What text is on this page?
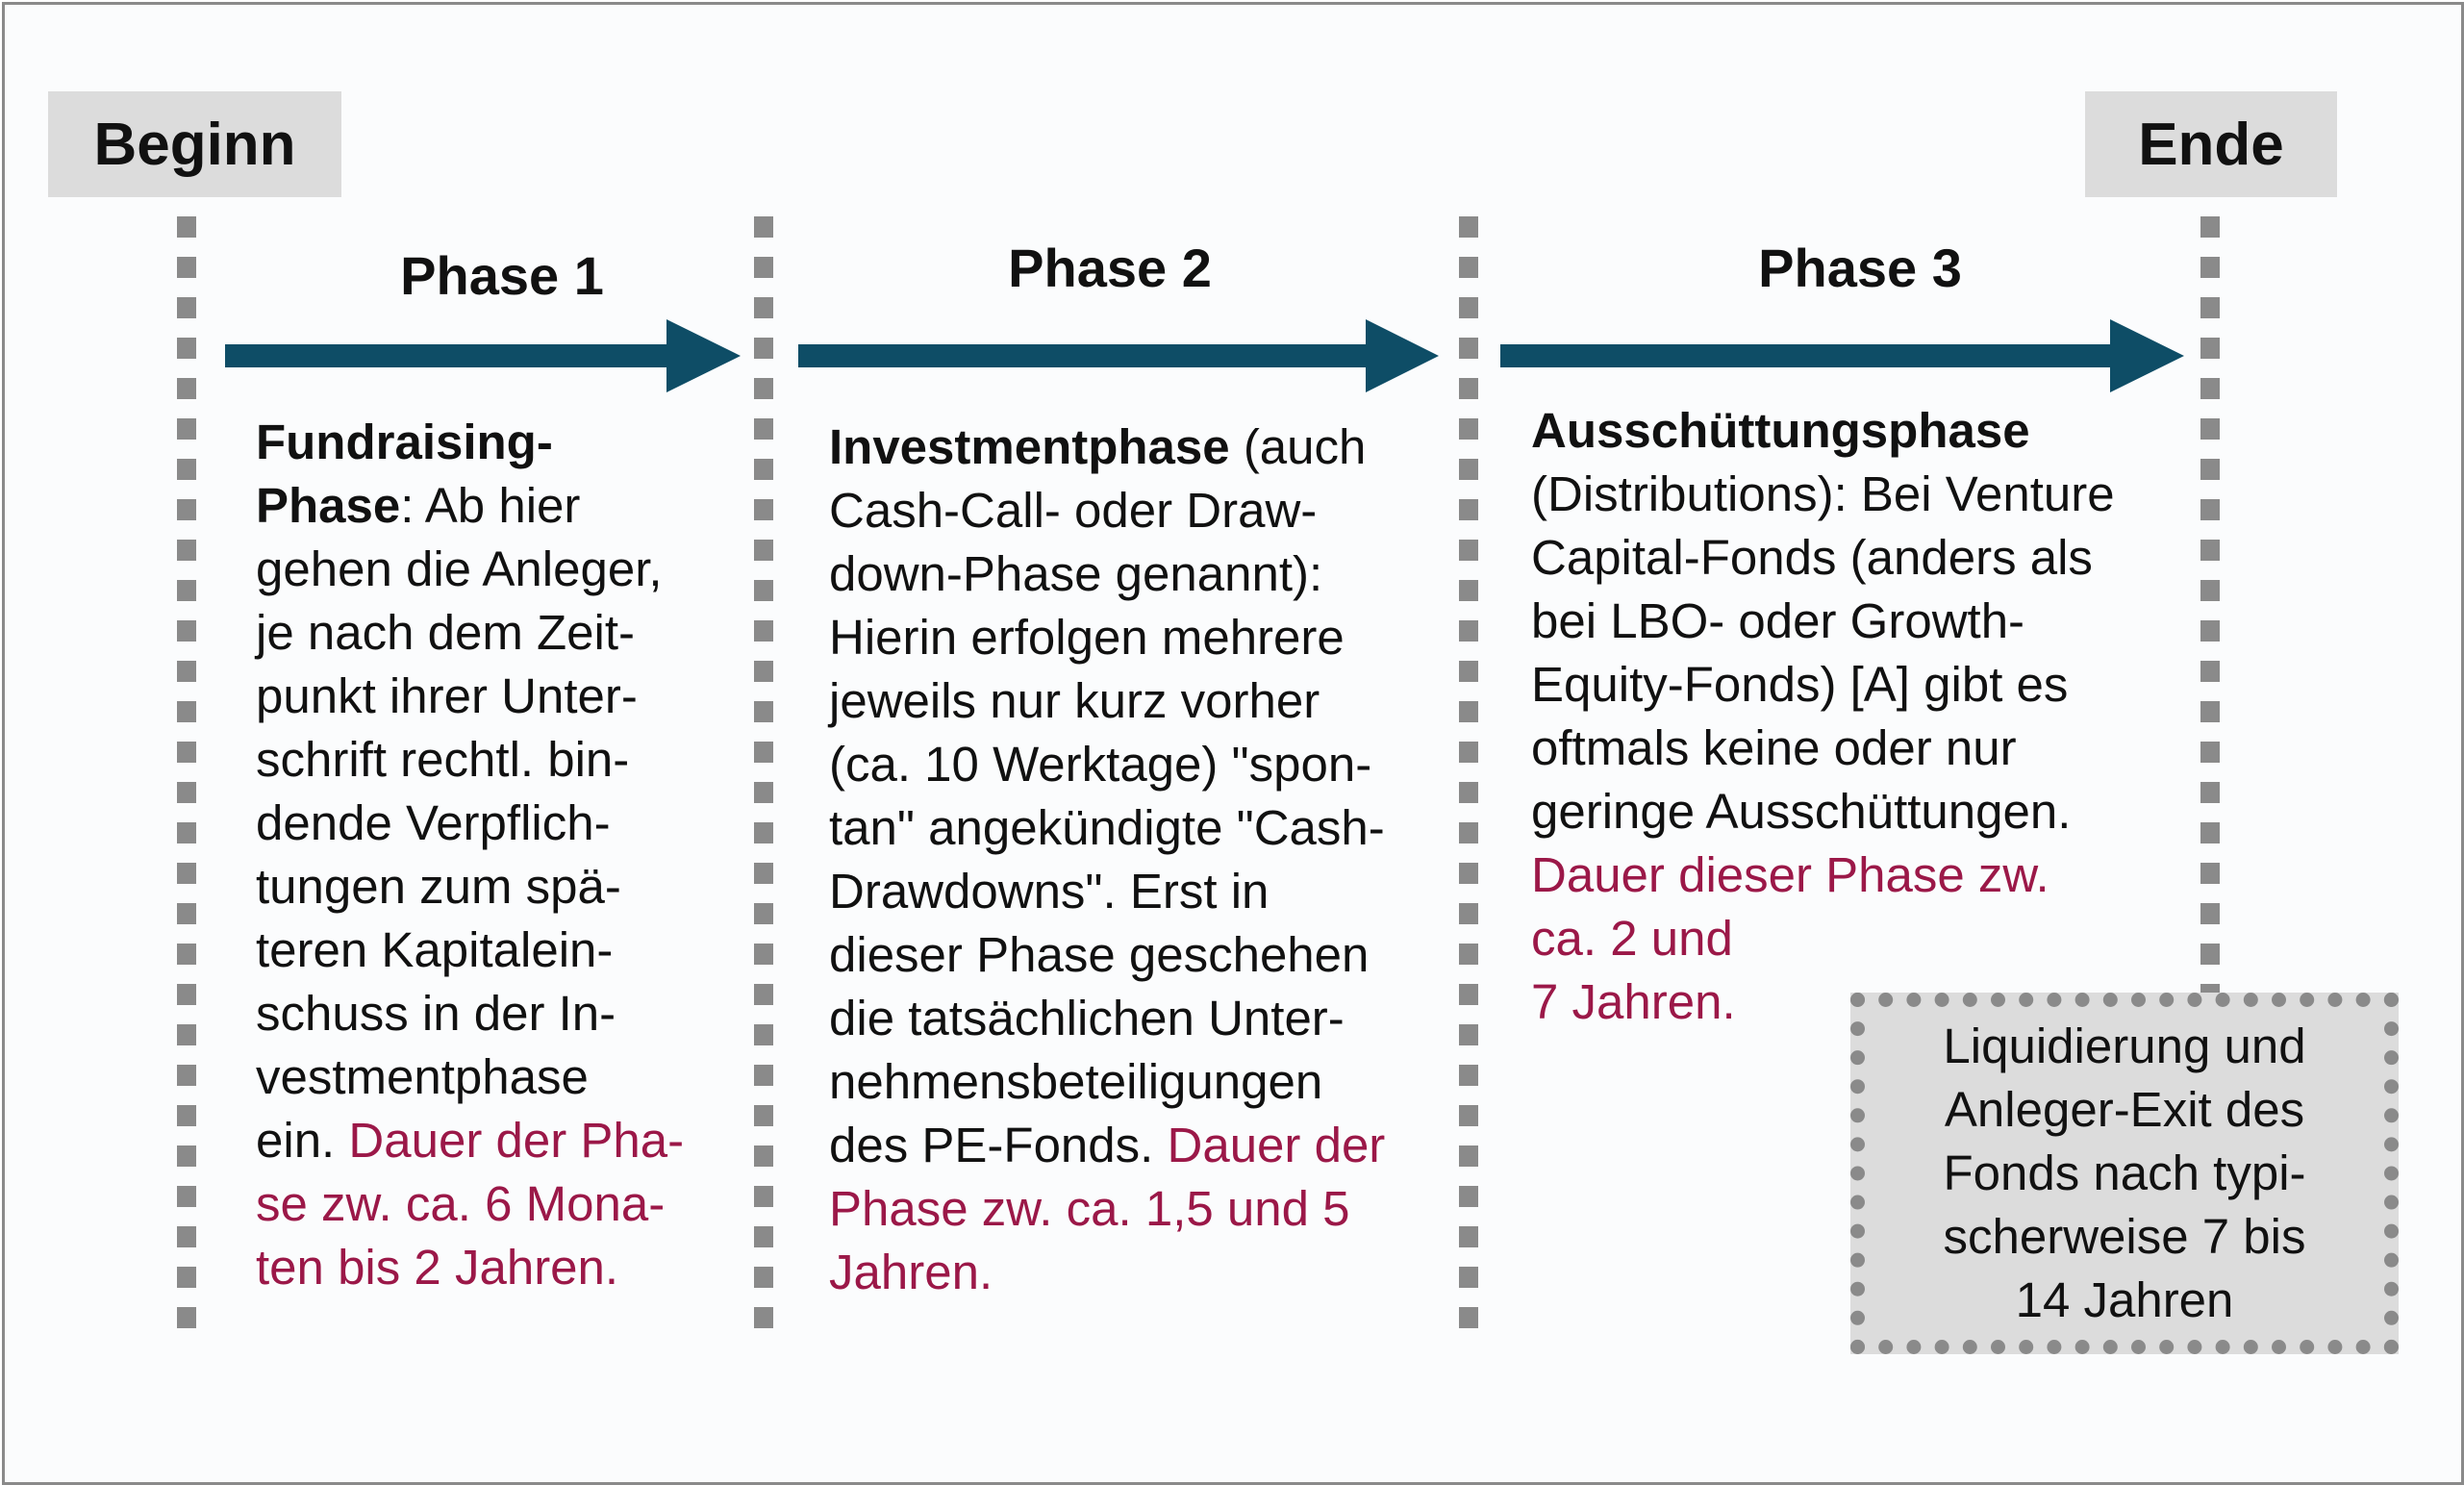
Beginn	Ende
Phase 1	Phase 2	Phase 3
Fundraising-
Phase: Ab hier
gehen die Anleger,
je nach dem Zeit-
punkt ihrer Unter-
schrift rechtl. bin-
dende Verpflich-
tungen zum spä-
teren Kapitalein-
schuss in der In-
vestmentphase
ein. Dauer der Pha-
se zw. ca. 6 Mona-
ten bis 2 Jahren.
Investmentphase (auch
Cash-Call- oder Draw-
down-Phase genannt):
Hierin erfolgen mehrere
jeweils nur kurz vorher
(ca. 10 Werktage) "spon-
tan" angekündigte "Cash-
Drawdowns". Erst in
dieser Phase geschehen
die tatsächlichen Unter-
nehmensbeteiligungen
des PE-Fonds. Dauer der
Phase zw. ca. 1,5 und 5
Jahren.
Ausschüttungsphase
(Distributions): Bei Venture
Capital-Fonds (anders als
bei LBO- oder Growth-
Equity-Fonds) [A] gibt es
oftmals keine oder nur
geringe Ausschüttungen.
Dauer dieser Phase zw.
ca. 2 und
7 Jahren.
Liquidierung und
Anleger-Exit des
Fonds nach typi-
scherweise 7 bis
14 Jahren
